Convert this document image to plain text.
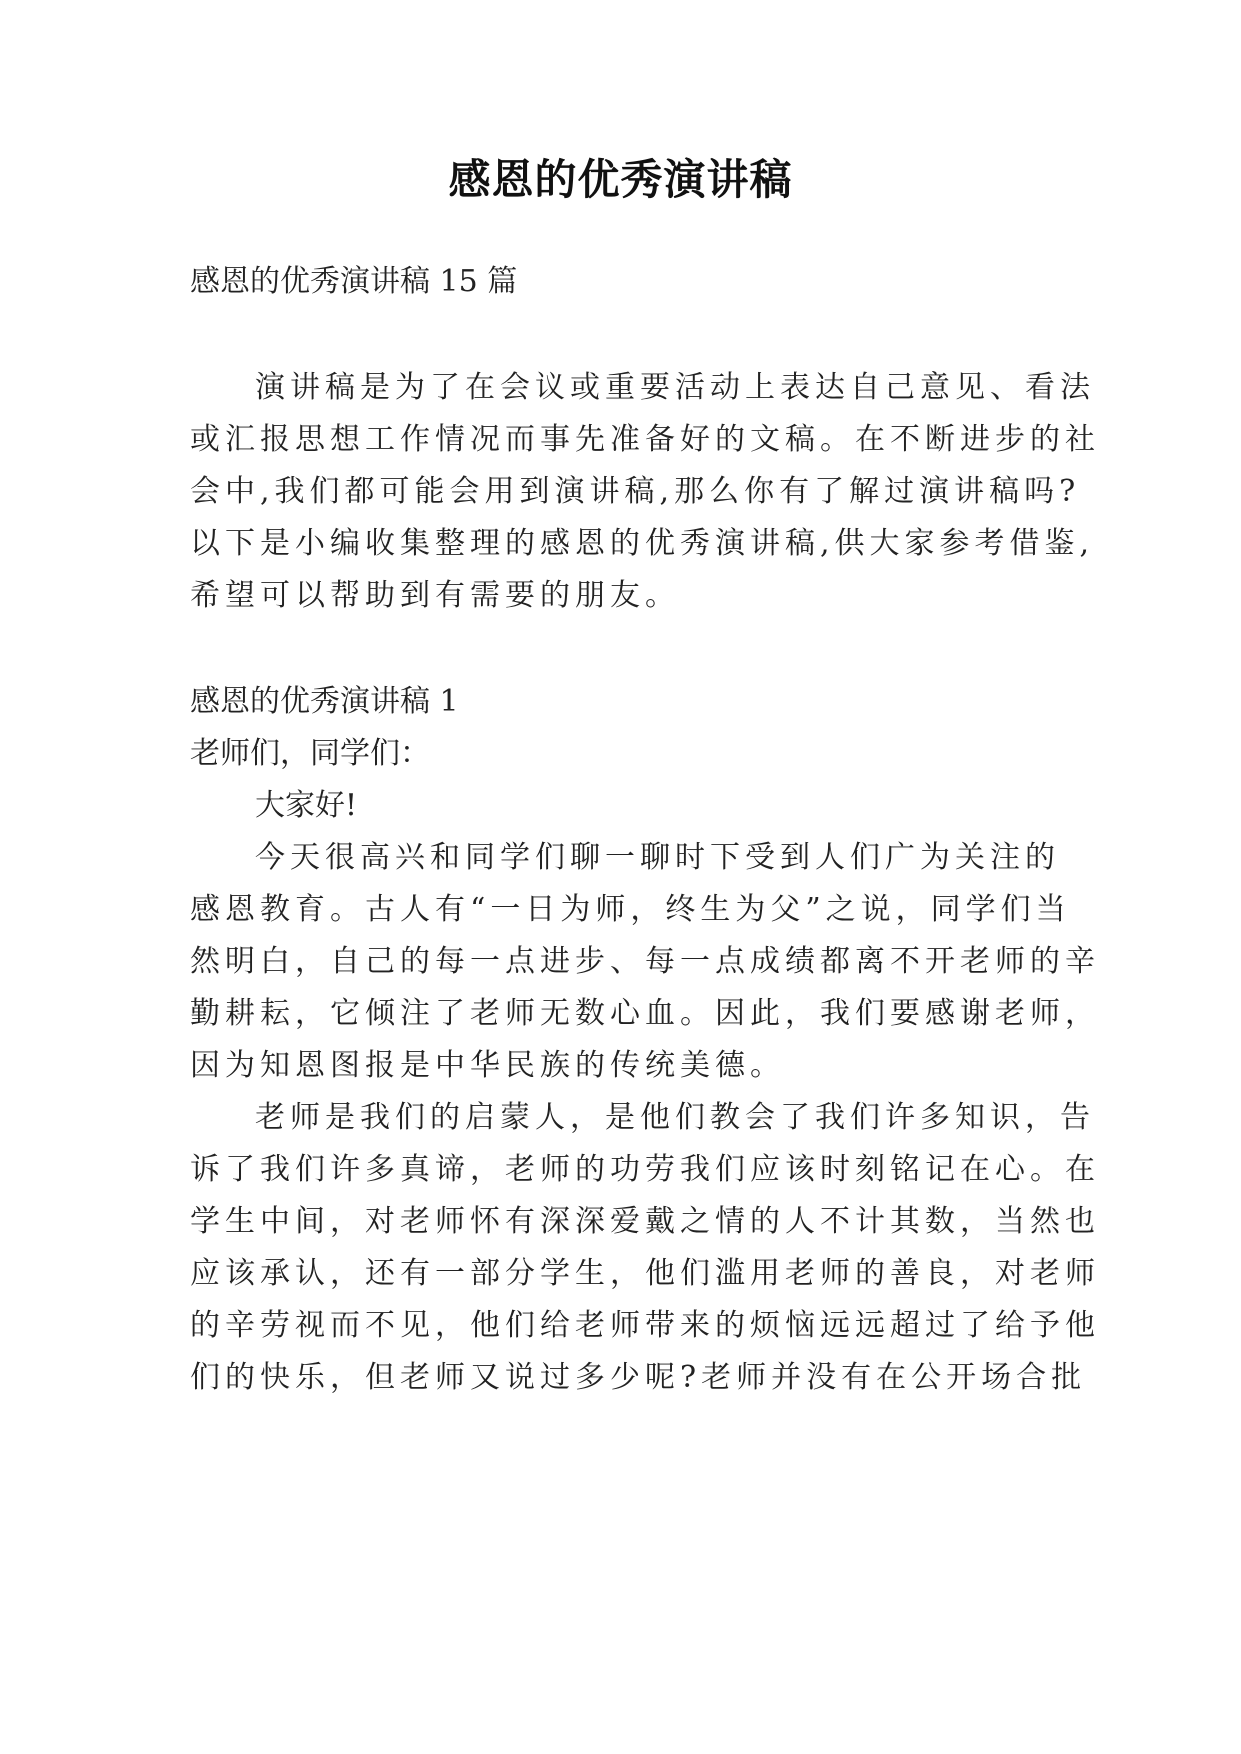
感恩的优秀演讲稿
感恩的优秀演讲稿 15 篇
演讲稿是为了在会议或重要活动上表达自己意见、看法
或汇报思想工作情况而事先准备好的文稿。在不断进步的社
会中,我们都可能会用到演讲稿,那么你有了解过演讲稿吗?
以下是小编收集整理的感恩的优秀演讲稿,供大家参考借鉴,
希望可以帮助到有需要的朋友。
感恩的优秀演讲稿 1
老师们，同学们：
大家好!
今天很高兴和同学们聊一聊时下受到人们广为关注的
感恩教育。古人有“一日为师，终生为父”之说，同学们当
然明白，自己的每一点进步、每一点成绩都离不开老师的辛
勤耕耘，它倾注了老师无数心血。因此，我们要感谢老师，
因为知恩图报是中华民族的传统美德。
老师是我们的启蒙人，是他们教会了我们许多知识，告
诉了我们许多真谛，老师的功劳我们应该时刻铭记在心。在
学生中间，对老师怀有深深爱戴之情的人不计其数，当然也
应该承认，还有一部分学生，他们滥用老师的善良，对老师
的辛劳视而不见，他们给老师带来的烦恼远远超过了给予他
们的快乐，但老师又说过多少呢?老师并没有在公开场合批
